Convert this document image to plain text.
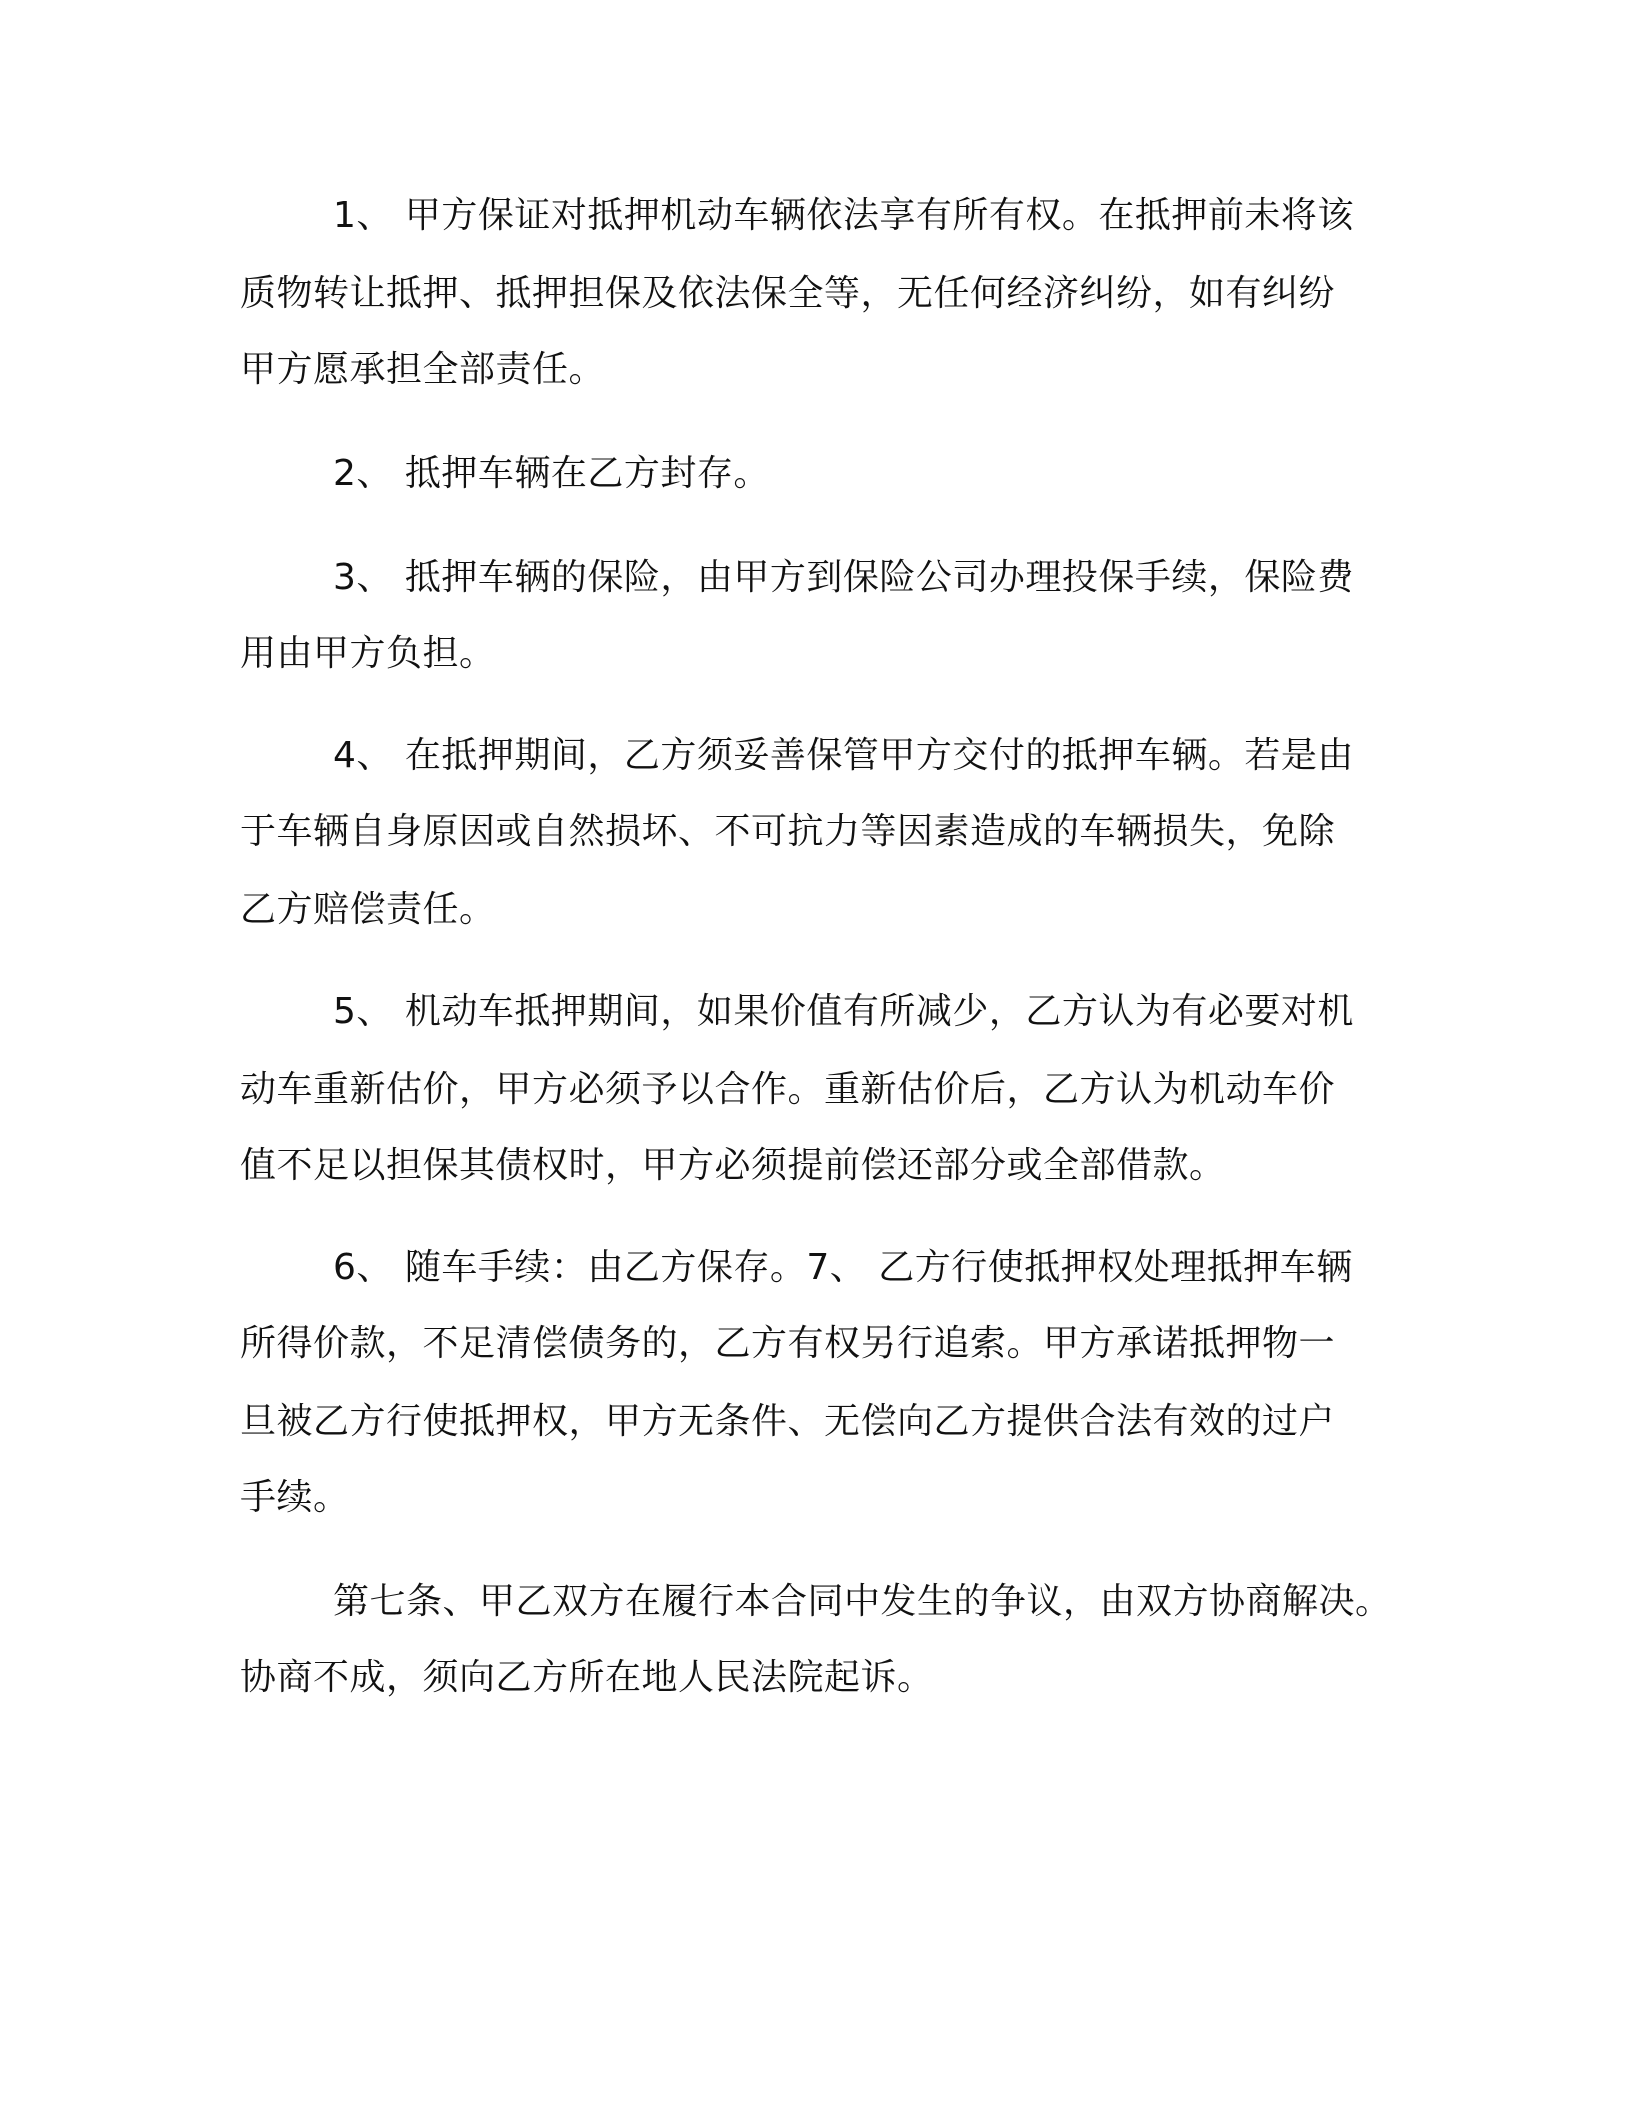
1、 甲方保证对抵押机动车辆依法享有所有权。在抵押前未将该
质物转让抵押、抵押担保及依法保全等，无任何经济纠纷，如有纠纷
甲方愿承担全部责任。
2、 抵押车辆在乙方封存。
3、 抵押车辆的保险，由甲方到保险公司办理投保手续，保险费
用由甲方负担。
4、 在抵押期间，乙方须妥善保管甲方交付的抵押车辆。若是由
于车辆自身原因或自然损坏、不可抗力等因素造成的车辆损失，免除
乙方赔偿责任。
5、 机动车抵押期间，如果价值有所减少，乙方认为有必要对机
动车重新估价，甲方必须予以合作。重新估价后，乙方认为机动车价
值不足以担保其债权时，甲方必须提前偿还部分或全部借款。
6、 随车手续：由乙方保存。7、 乙方行使抵押权处理抵押车辆
所得价款，不足清偿债务的，乙方有权另行追索。甲方承诺抵押物一
旦被乙方行使抵押权，甲方无条件、无偿向乙方提供合法有效的过户
手续。
第七条、甲乙双方在履行本合同中发生的争议，由双方协商解决。
协商不成，须向乙方所在地人民法院起诉。
